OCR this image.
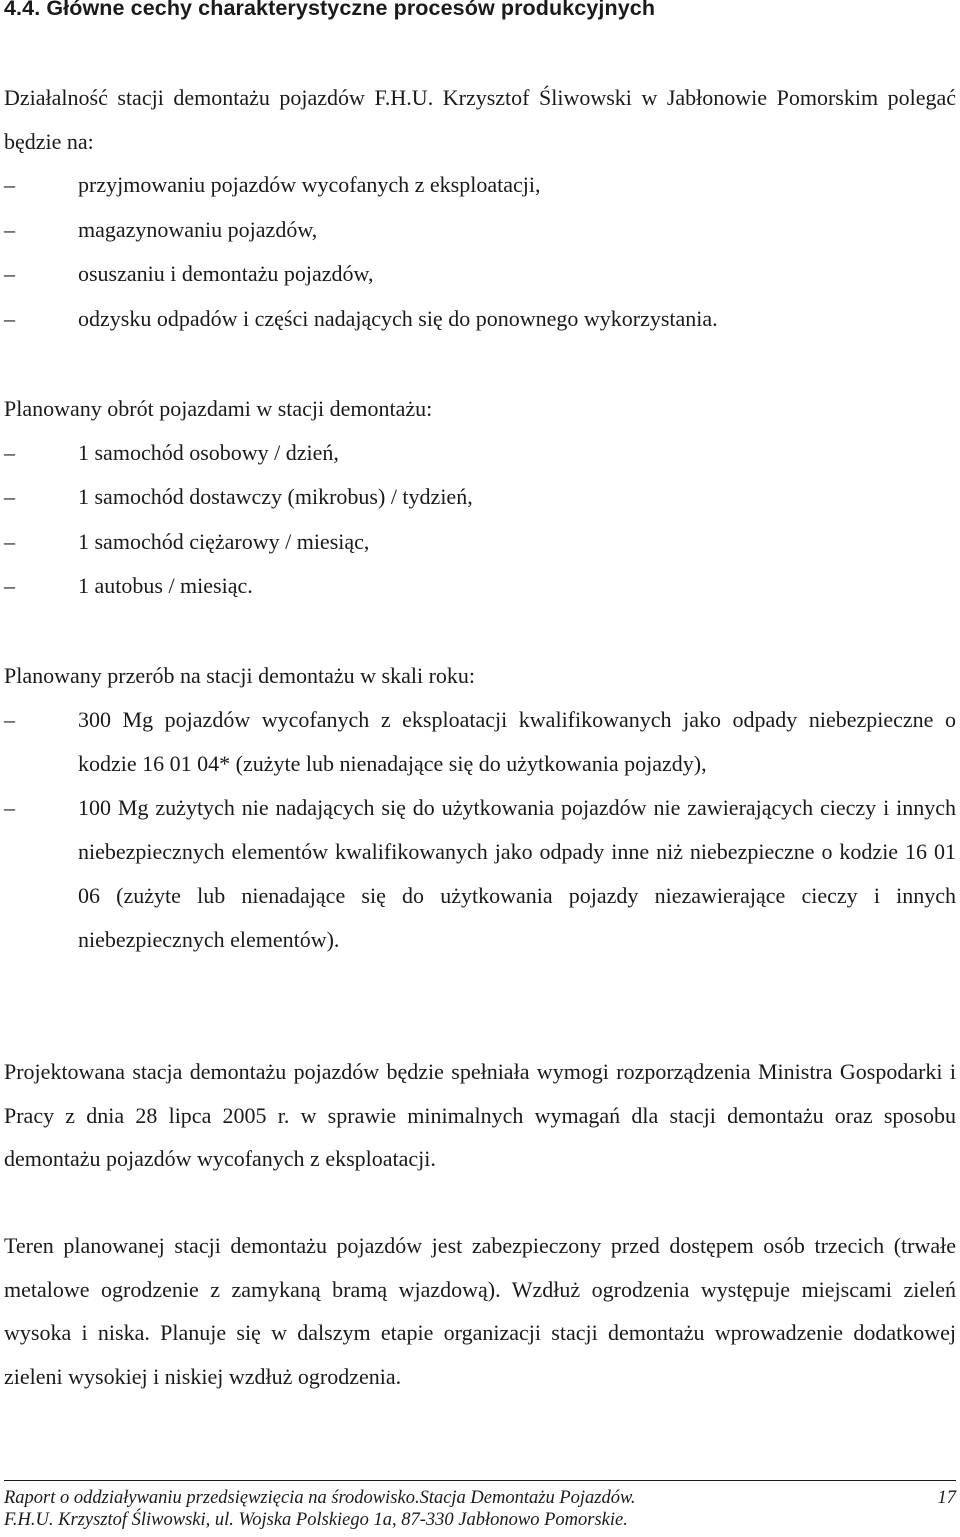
4.4. Główne cechy charakterystyczne procesów produkcyjnych

Działalność stacji demontażu pojazdów F.H.U. Krzysztof Śliwowski w Jabłonowie Pomorskim polegać będzie na:

–	przyjmowaniu pojazdów wycofanych z eksploatacji,
–	magazynowaniu pojazdów,
–	osuszaniu i demontażu pojazdów,
–	odzysku odpadów i części nadających się do ponownego wykorzystania.

Planowany obrót pojazdami w stacji demontażu:

–	1 samochód osobowy / dzień,
–	1 samochód dostawczy (mikrobus) / tydzień,
–	1 samochód ciężarowy / miesiąc,
–	1 autobus / miesiąc.

Planowany przerób na stacji demontażu w skali roku:

–	300 Mg pojazdów wycofanych z eksploatacji kwalifikowanych jako odpady niebezpieczne o kodzie 16 01 04* (zużyte lub nienadające się do użytkowania pojazdy),
–	100 Mg zużytych nie nadających się do użytkowania pojazdów nie zawierających cieczy i innych niebezpiecznych elementów kwalifikowanych jako odpady inne niż niebezpieczne o kodzie 16 01 06 (zużyte lub nienadające się do użytkowania pojazdy niezawierające cieczy i innych niebezpiecznych elementów).

Projektowana stacja demontażu pojazdów będzie spełniała wymogi rozporządzenia Ministra Gospodarki i Pracy z dnia 28 lipca 2005 r. w sprawie minimalnych wymagań dla stacji demontażu oraz sposobu demontażu pojazdów wycofanych z eksploatacji.

Teren planowanej stacji demontażu pojazdów jest zabezpieczony przed dostępem osób trzecich (trwałe metalowe ogrodzenie z zamykaną bramą wjazdową). Wzdłuż ogrodzenia występuje miejscami zieleń wysoka i niska. Planuje się w dalszym etapie organizacji stacji demontażu wprowadzenie dodatkowej zieleni wysokiej i niskiej wzdłuż ogrodzenia.

Raport o oddziaływaniu przedsięwzięcia na środowisko.Stacja Demontażu Pojazdów.	17
F.H.U. Krzysztof Śliwowski, ul. Wojska Polskiego 1a, 87-330 Jabłonowo Pomorskie.
